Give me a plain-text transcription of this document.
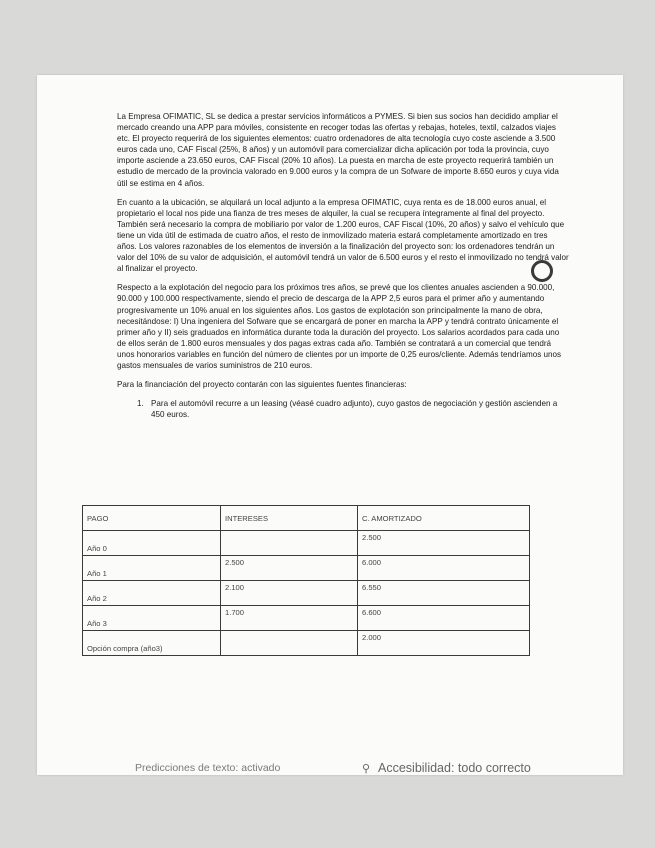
La Empresa OFIMATIC, SL se dedica a prestar servicios informáticos a PYMES. Si bien sus socios han decidido ampliar el mercado creando una APP para móviles, consistente en recoger todas las ofertas y rebajas, hoteles, textil, calzados viajes etc. El proyecto requerirá de los siguientes elementos: cuatro ordenadores de alta tecnología cuyo coste asciende a 3.500 euros cada uno, CAF Fiscal (25%, 8 años) y un automóvil para comercializar dicha aplicación por toda la provincia, cuyo importe asciende a 23.650 euros, CAF Fiscal (20% 10 años). La puesta en marcha de este proyecto requerirá también un estudio de mercado de la provincia valorado en 9.000 euros y la compra de un Sofware de importe 8.650 euros y cuya vida útil se estima en 4 años.

En cuanto a la ubicación, se alquilará un local adjunto a la empresa OFIMATIC, cuya renta es de 18.000 euros anual, el propietario el local nos pide una fianza de tres meses de alquiler, la cual se recupera íntegramente al final del proyecto. También será necesario la compra de mobiliario por valor de 1.200 euros, CAF Fiscal (10%, 20 años) y salvo el vehículo que tiene un vida útil de estimada de cuatro años, el resto de inmovilizado materia estará completamente amortizado en tres años. Los valores razonables de los elementos de inversión a la finalización del proyecto son: los ordenadores tendrán un valor del 10% de su valor de adquisición, el automóvil tendrá un valor de 6.500 euros y el resto el inmovilizado no tendrá valor al finalizar el proyecto.

Respecto a la explotación del negocio para los próximos tres años, se prevé que los clientes anuales ascienden a 90.000, 90.000 y 100.000 respectivamente, siendo el precio de descarga de la APP 2,5 euros para el primer año y aumentando progresivamente un 10% anual en los siguientes años. Los gastos de explotación son principalmente la mano de obra, necesitándose: I) Una ingeniera del Sofware que se encargará de poner en marcha la APP y tendrá contrato únicamente el primer año y II) seis graduados en informática durante toda la duración del proyecto. Los salarios acordados para cada uno de ellos serán de 1.800 euros mensuales y dos pagas extras cada año. También se contratará a un comercial que tendrá unos honorarios variables en función del número de clientes por un importe de 0,25 euros/cliente. Además tendríamos unos gastos mensuales de varios suministros de 210 euros.

Para la financiación del proyecto contarán con las siguientes fuentes financieras:

1. Para el automóvil recurre a un leasing (véasé cuadro adjunto), cuyo gastos de negociación y gestión ascienden a 450 euros.
PAGO	INTERESES	C. AMORTIZADO
Año 0		2.500
Año 1	2.500	6.000
Año 2	2.100	6.550
Año 3	1.700	6.600
Opción compra (año3)		2.000
Predicciones de texto: activado	⚲ Accesibilidad: todo correcto
